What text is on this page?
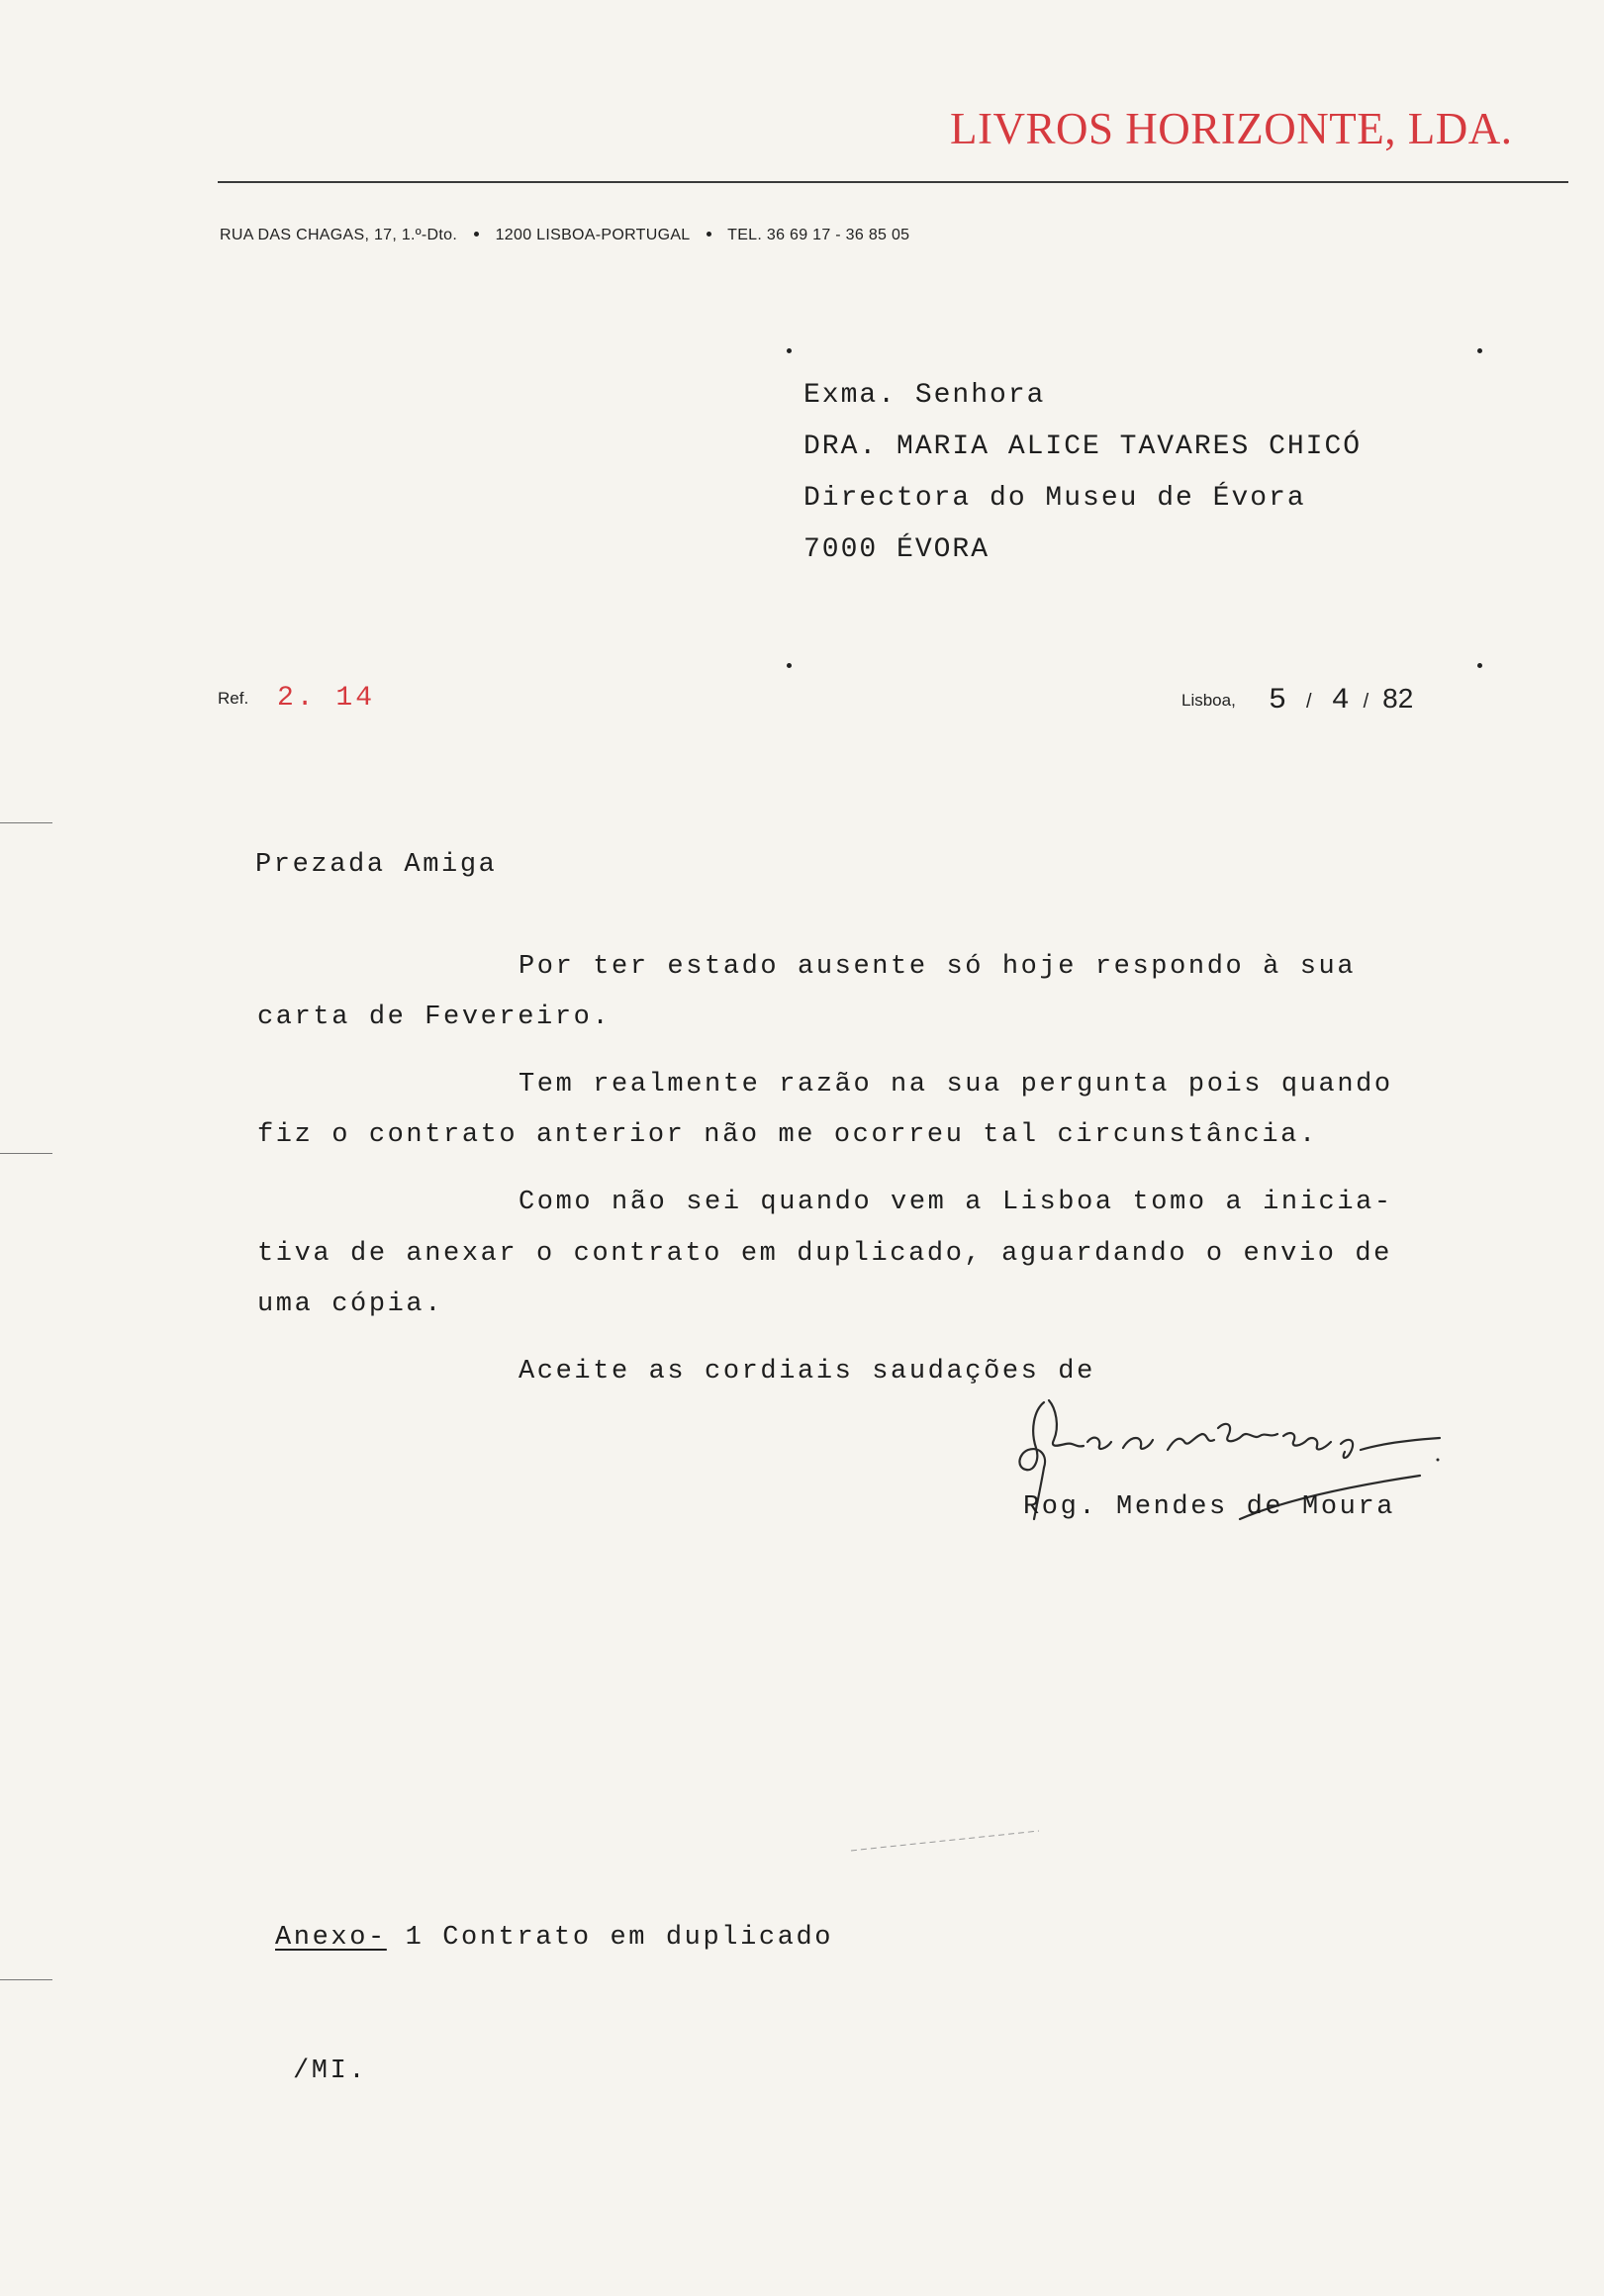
LIVROS HORIZONTE, LDA.
RUA DAS CHAGAS, 17, 1.º-Dto. 1200 LISBOA-PORTUGAL TEL. 36 69 17 - 36 85 05
Exma. Senhora
DRA. MARIA ALICE TAVARES CHICÓ
Directora do Museu de Évora
7000 ÉVORA
Ref. 2. 14	Lisboa, 5 / 4 / 82
Prezada Amiga
Por ter estado ausente só hoje respondo à sua
carta de Fevereiro.
Tem realmente razão na sua pergunta pois quando
fiz o contrato anterior não me ocorreu tal circunstância.
Como não sei quando vem a Lisboa tomo a inicia-
tiva de anexar o contrato em duplicado, aguardando o envio de
uma cópia.
Aceite as cordiais saudações de
Rog. Mendes de Moura
Anexo- 1 Contrato em duplicado
/MI.
